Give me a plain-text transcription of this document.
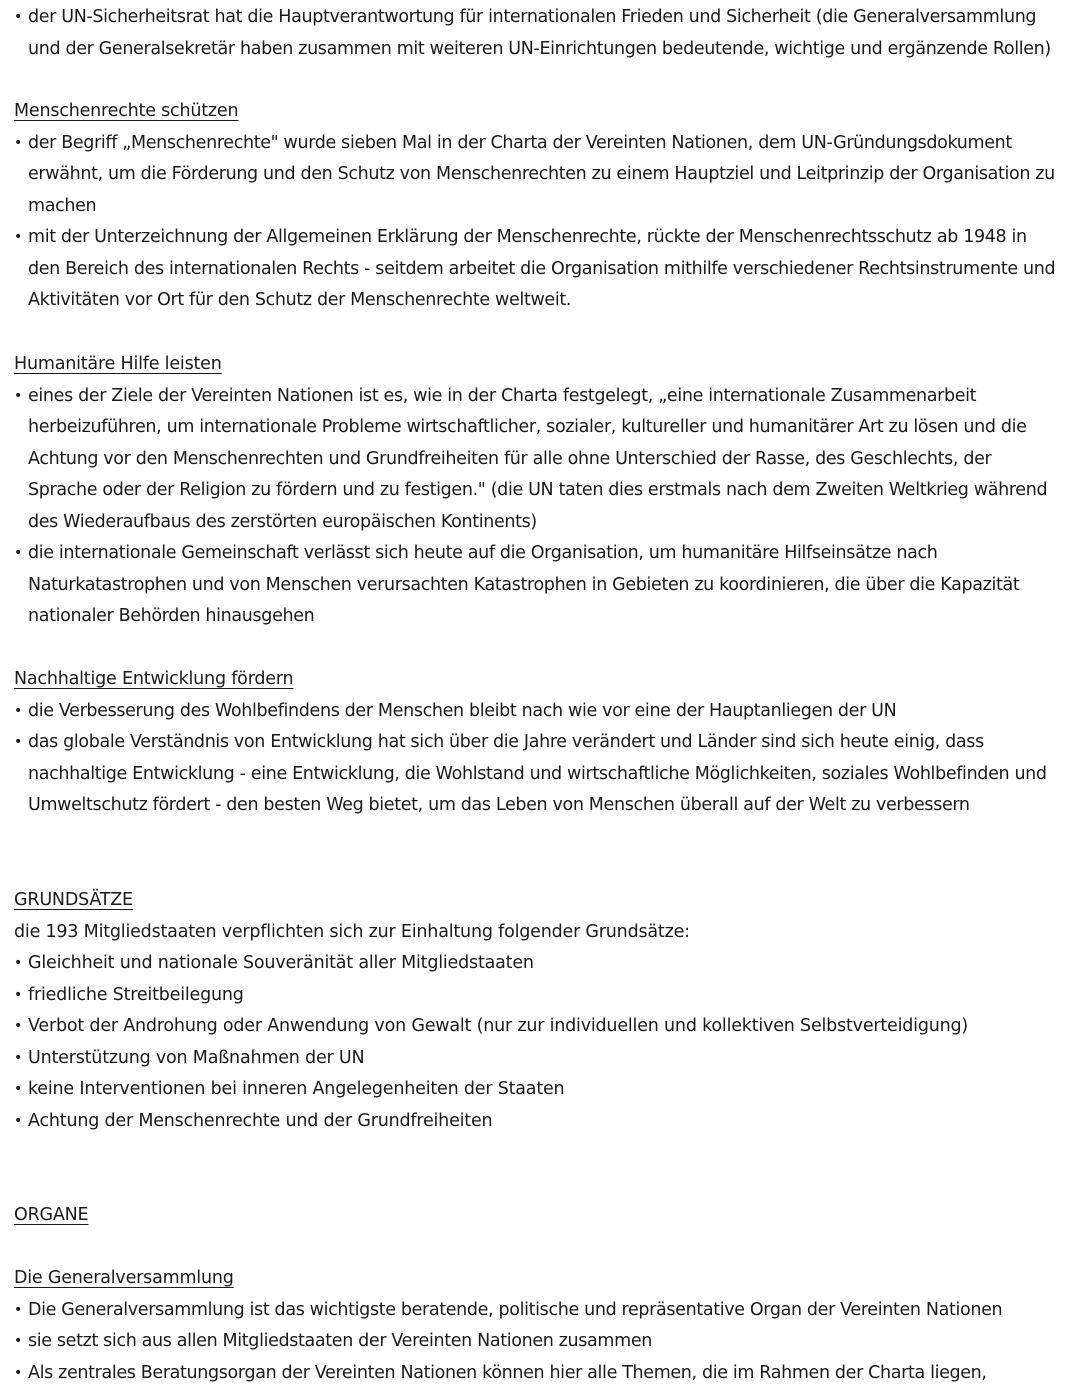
• der UN-Sicherheitsrat hat die Hauptverantwortung für internationalen Frieden und Sicherheit (die Generalversammlung und der Generalsekretär haben zusammen mit weiteren UN-Einrichtungen bedeutende, wichtige und ergänzende Rollen)
Menschenrechte schützen
• der Begriff „Menschenrechte" wurde sieben Mal in der Charta der Vereinten Nationen, dem UN-Gründungsdokument erwähnt, um die Förderung und den Schutz von Menschenrechten zu einem Hauptziel und Leitprinzip der Organisation zu machen
• mit der Unterzeichnung der Allgemeinen Erklärung der Menschenrechte, rückte der Menschenrechtsschutz ab 1948 in den Bereich des internationalen Rechts - seitdem arbeitet die Organisation mithilfe verschiedener Rechtsinstrumente und Aktivitäten vor Ort für den Schutz der Menschenrechte weltweit.
Humanitäre Hilfe leisten
• eines der Ziele der Vereinten Nationen ist es, wie in der Charta festgelegt, „eine internationale Zusammenarbeit herbeizuführen, um internationale Probleme wirtschaftlicher, sozialer, kultureller und humanitärer Art zu lösen und die Achtung vor den Menschenrechten und Grundfreiheiten für alle ohne Unterschied der Rasse, des Geschlechts, der Sprache oder der Religion zu fördern und zu festigen." (die UN taten dies erstmals nach dem Zweiten Weltkrieg während des Wiederaufbaus des zerstörten europäischen Kontinents)
• die internationale Gemeinschaft verlässt sich heute auf die Organisation, um humanitäre Hilfseinsätze nach Naturkatastrophen und von Menschen verursachten Katastrophen in Gebieten zu koordinieren, die über die Kapazität nationaler Behörden hinausgehen
Nachhaltige Entwicklung fördern
• die Verbesserung des Wohlbefindens der Menschen bleibt nach wie vor eine der Hauptanliegen der UN
• das globale Verständnis von Entwicklung hat sich über die Jahre verändert und Länder sind sich heute einig, dass nachhaltige Entwicklung - eine Entwicklung, die Wohlstand und wirtschaftliche Möglichkeiten, soziales Wohlbefinden und Umweltschutz fördert - den besten Weg bietet, um das Leben von Menschen überall auf der Welt zu verbessern
GRUNDSÄTZE
die 193 Mitgliedstaaten verpflichten sich zur Einhaltung folgender Grundsätze:
• Gleichheit und nationale Souveränität aller Mitgliedstaaten
• friedliche Streitbeilegung
• Verbot der Androhung oder Anwendung von Gewalt (nur zur individuellen und kollektiven Selbstverteidigung)
• Unterstützung von Maßnahmen der UN
• keine Interventionen bei inneren Angelegenheiten der Staaten
• Achtung der Menschenrechte und der Grundfreiheiten
ORGANE
Die Generalversammlung
• Die Generalversammlung ist das wichtigste beratende, politische und repräsentative Organ der Vereinten Nationen
• sie setzt sich aus allen Mitgliedstaaten der Vereinten Nationen zusammen
• Als zentrales Beratungsorgan der Vereinten Nationen können hier alle Themen, die im Rahmen der Charta liegen,
